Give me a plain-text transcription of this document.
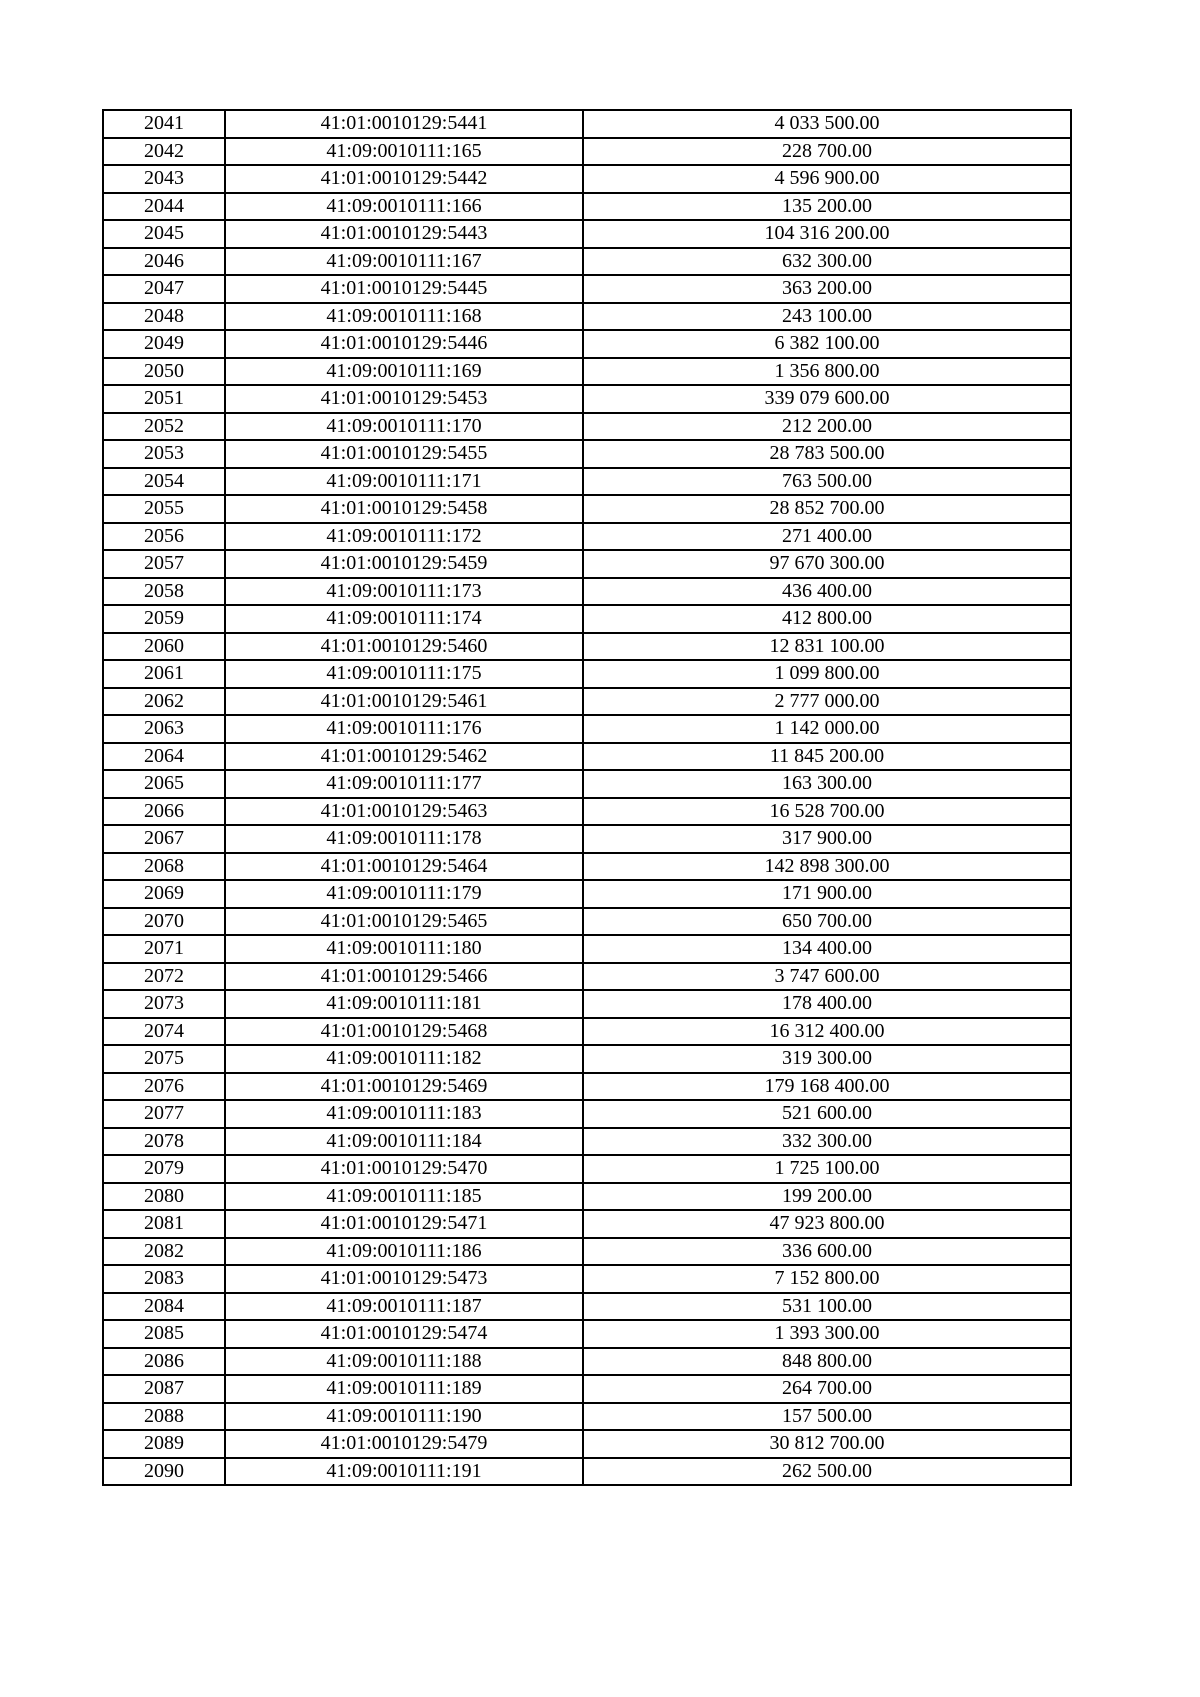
2041	41:01:0010129:5441	4 033 500.00
2042	41:09:0010111:165	228 700.00
2043	41:01:0010129:5442	4 596 900.00
2044	41:09:0010111:166	135 200.00
2045	41:01:0010129:5443	104 316 200.00
2046	41:09:0010111:167	632 300.00
2047	41:01:0010129:5445	363 200.00
2048	41:09:0010111:168	243 100.00
2049	41:01:0010129:5446	6 382 100.00
2050	41:09:0010111:169	1 356 800.00
2051	41:01:0010129:5453	339 079 600.00
2052	41:09:0010111:170	212 200.00
2053	41:01:0010129:5455	28 783 500.00
2054	41:09:0010111:171	763 500.00
2055	41:01:0010129:5458	28 852 700.00
2056	41:09:0010111:172	271 400.00
2057	41:01:0010129:5459	97 670 300.00
2058	41:09:0010111:173	436 400.00
2059	41:09:0010111:174	412 800.00
2060	41:01:0010129:5460	12 831 100.00
2061	41:09:0010111:175	1 099 800.00
2062	41:01:0010129:5461	2 777 000.00
2063	41:09:0010111:176	1 142 000.00
2064	41:01:0010129:5462	11 845 200.00
2065	41:09:0010111:177	163 300.00
2066	41:01:0010129:5463	16 528 700.00
2067	41:09:0010111:178	317 900.00
2068	41:01:0010129:5464	142 898 300.00
2069	41:09:0010111:179	171 900.00
2070	41:01:0010129:5465	650 700.00
2071	41:09:0010111:180	134 400.00
2072	41:01:0010129:5466	3 747 600.00
2073	41:09:0010111:181	178 400.00
2074	41:01:0010129:5468	16 312 400.00
2075	41:09:0010111:182	319 300.00
2076	41:01:0010129:5469	179 168 400.00
2077	41:09:0010111:183	521 600.00
2078	41:09:0010111:184	332 300.00
2079	41:01:0010129:5470	1 725 100.00
2080	41:09:0010111:185	199 200.00
2081	41:01:0010129:5471	47 923 800.00
2082	41:09:0010111:186	336 600.00
2083	41:01:0010129:5473	7 152 800.00
2084	41:09:0010111:187	531 100.00
2085	41:01:0010129:5474	1 393 300.00
2086	41:09:0010111:188	848 800.00
2087	41:09:0010111:189	264 700.00
2088	41:09:0010111:190	157 500.00
2089	41:01:0010129:5479	30 812 700.00
2090	41:09:0010111:191	262 500.00
